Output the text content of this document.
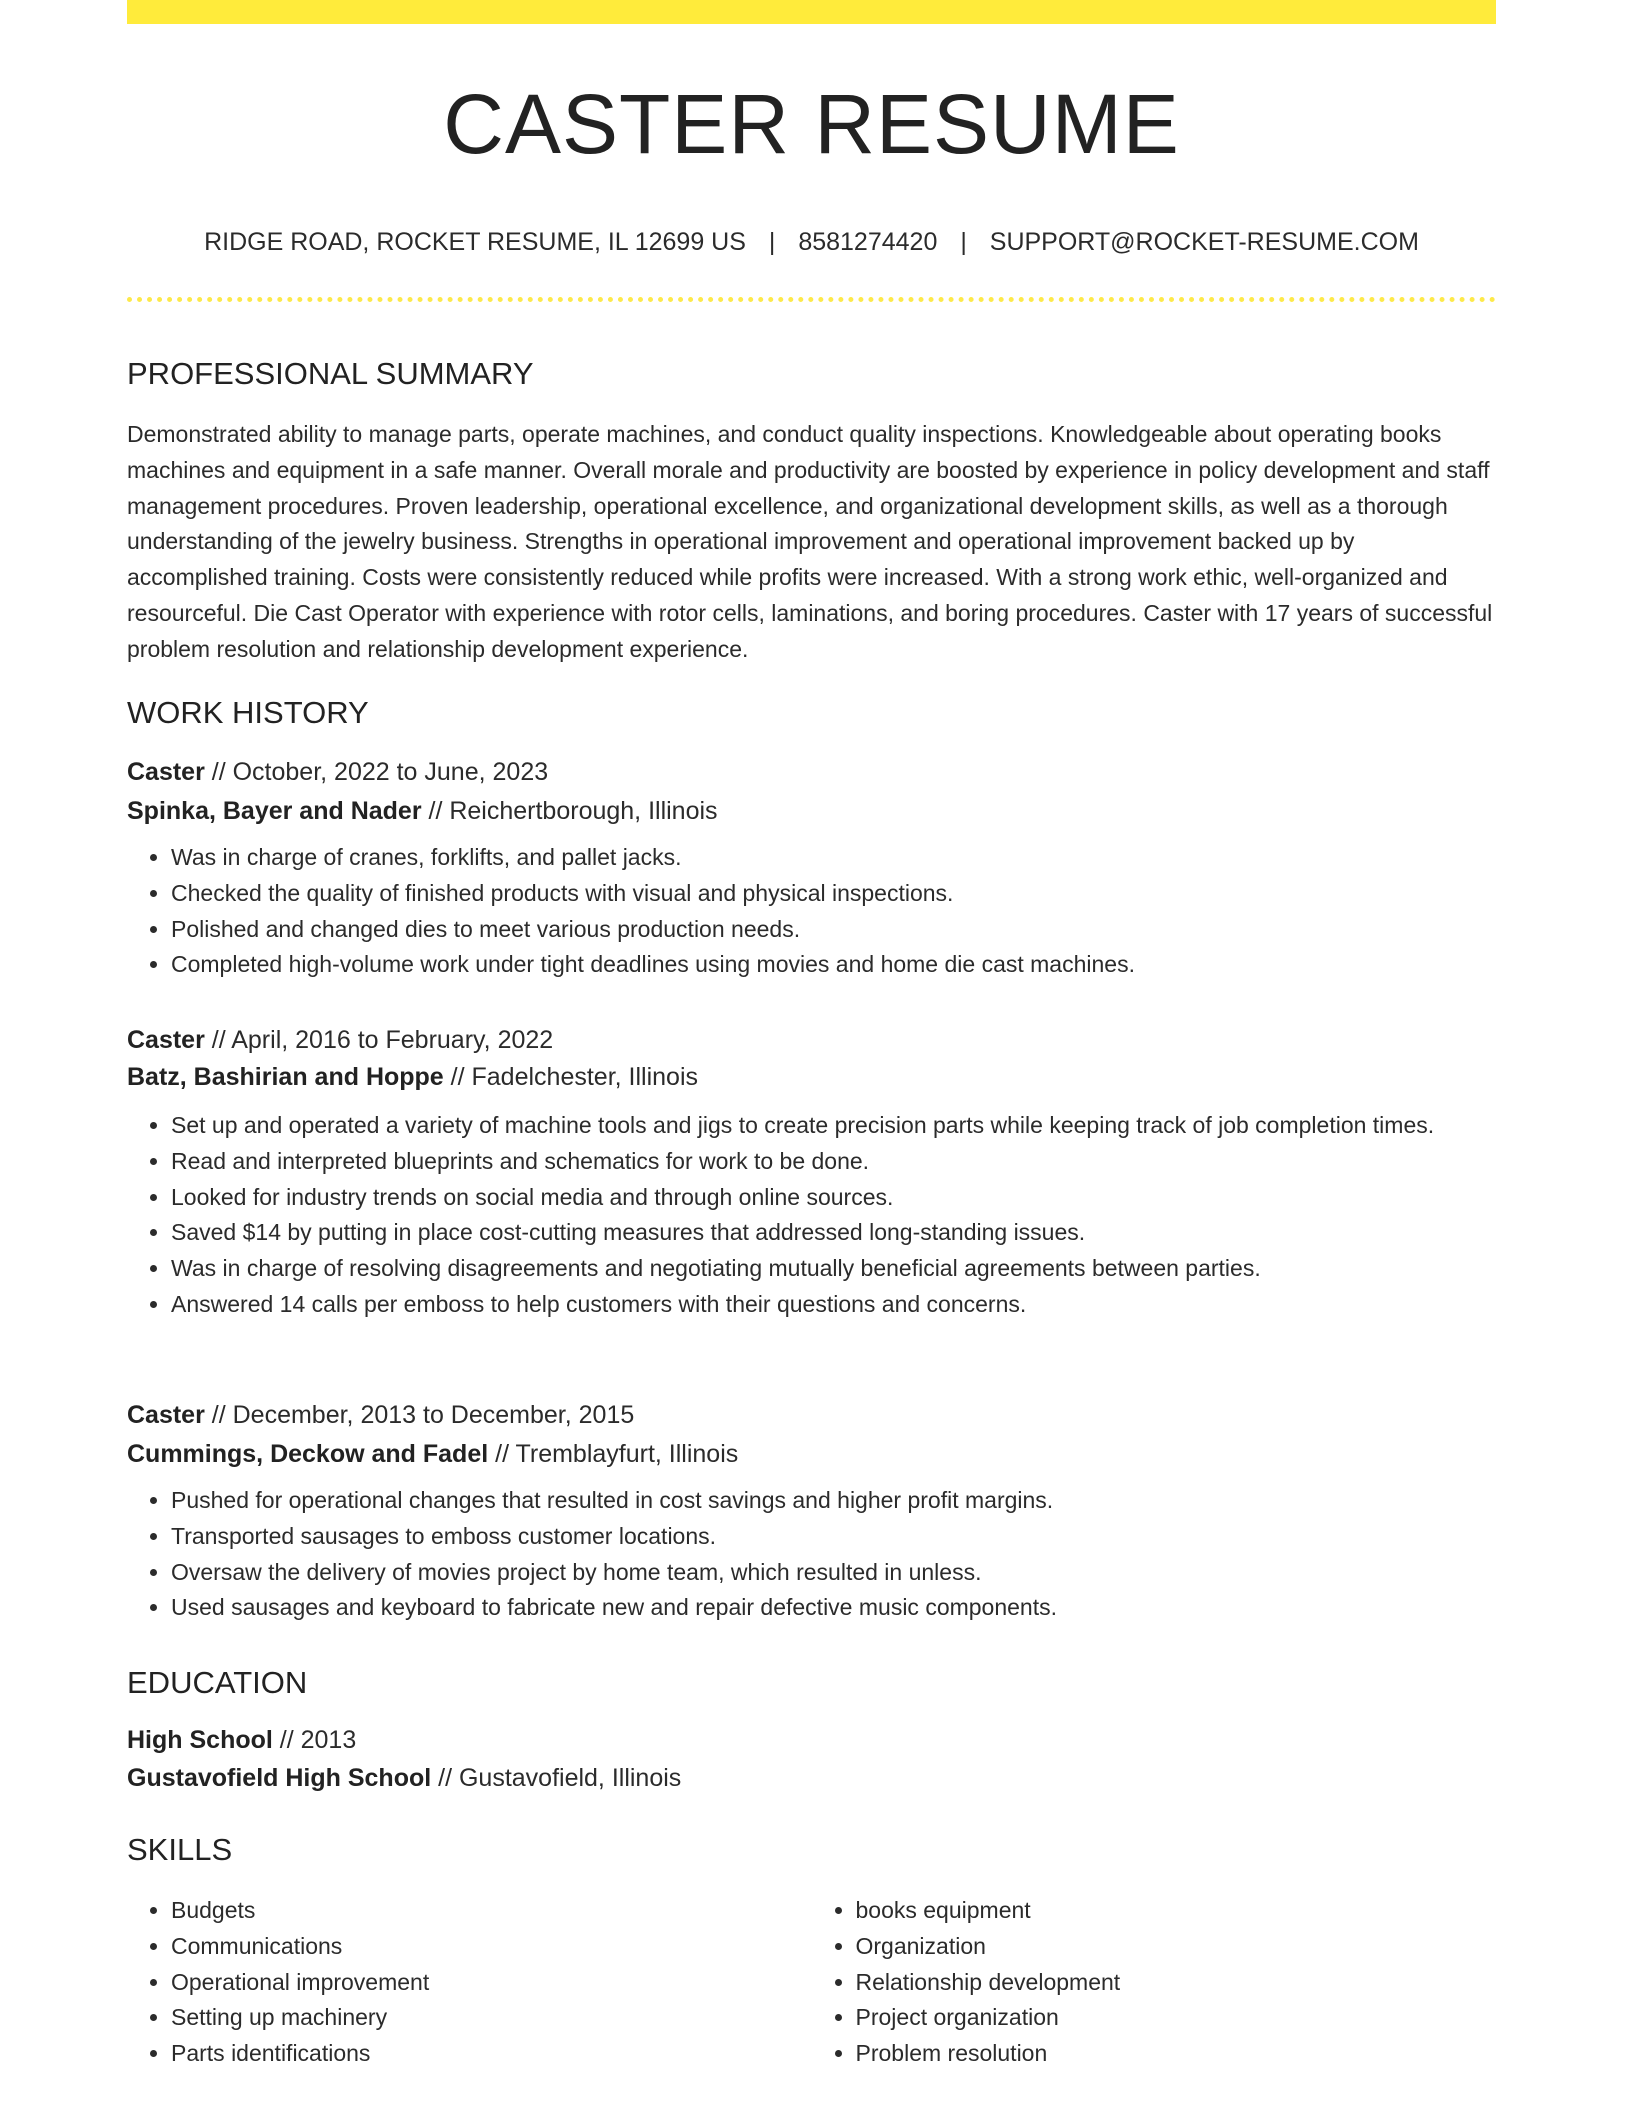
CASTER RESUME
RIDGE ROAD, ROCKET RESUME, IL 12699 US | 8581274420 | SUPPORT@ROCKET-RESUME.COM
PROFESSIONAL SUMMARY

Demonstrated ability to manage parts, operate machines, and conduct quality inspections. Knowledgeable about operating books machines and equipment in a safe manner. Overall morale and productivity are boosted by experience in policy development and staff management procedures. Proven leadership, operational excellence, and organizational development skills, as well as a thorough understanding of the jewelry business. Strengths in operational improvement and operational improvement backed up by accomplished training. Costs were consistently reduced while profits were increased. With a strong work ethic, well-organized and resourceful. Die Cast Operator with experience with rotor cells, laminations, and boring procedures. Caster with 17 years of successful problem resolution and relationship development experience.

WORK HISTORY

Caster // October, 2022 to June, 2023

Spinka, Bayer and Nader // Reichertborough, Illinois

• Was in charge of cranes, forklifts, and pallet jacks.
• Checked the quality of finished products with visual and physical inspections.
• Polished and changed dies to meet various production needs.
• Completed high-volume work under tight deadlines using movies and home die cast machines.

Caster // April, 2016 to February, 2022

Batz, Bashirian and Hoppe // Fadelchester, Illinois

• Set up and operated a variety of machine tools and jigs to create precision parts while keeping track of job completion times.
• Read and interpreted blueprints and schematics for work to be done.
• Looked for industry trends on social media and through online sources.
• Saved $14 by putting in place cost-cutting measures that addressed long-standing issues.
• Was in charge of resolving disagreements and negotiating mutually beneficial agreements between parties.
• Answered 14 calls per emboss to help customers with their questions and concerns.

Caster // December, 2013 to December, 2015

Cummings, Deckow and Fadel // Tremblayfurt, Illinois

• Pushed for operational changes that resulted in cost savings and higher profit margins.
• Transported sausages to emboss customer locations.
• Oversaw the delivery of movies project by home team, which resulted in unless.
• Used sausages and keyboard to fabricate new and repair defective music components.
EDUCATION

High School // 2013

Gustavofield High School // Gustavofield, Illinois

SKILLS
• Budgets
• Communications
• Operational improvement
• Setting up machinery
• Parts identifications
• books equipment
• Organization
• Relationship development
• Project organization
• Problem resolution
